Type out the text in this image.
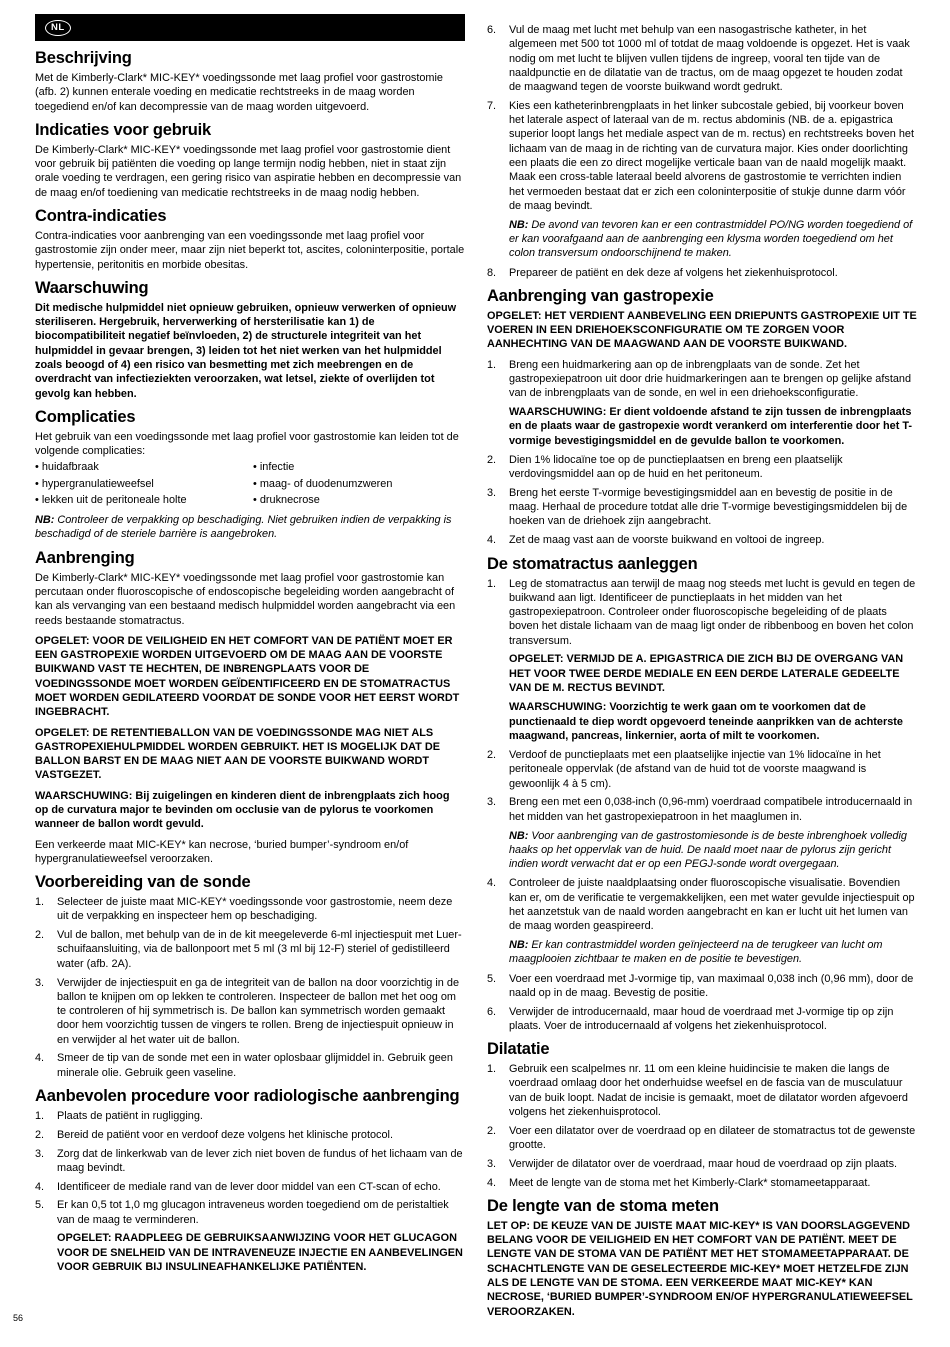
NL
Beschrijving

Met de Kimberly-Clark* MIC-KEY* voedingssonde met laag profiel voor gastrostomie (afb. 2) kunnen enterale voeding en medicatie rechtstreeks in de maag worden toegediend en/of kan decompressie van de maag worden uitgevoerd.

Indicaties voor gebruik

De Kimberly-Clark* MIC-KEY* voedingssonde met laag profiel voor gastrostomie dient voor gebruik bij patiënten die voeding op lange termijn nodig hebben, niet in staat zijn orale voeding te verdragen, een gering risico van aspiratie hebben en decompressie van de maag en/of toediening van medicatie rechtstreeks in de maag nodig hebben.

Contra-indicaties

Contra-indicaties voor aanbrenging van een voedingssonde met laag profiel voor gastrostomie zijn onder meer, maar zijn niet beperkt tot, ascites, coloninterpositie, portale hypertensie, peritonitis en morbide obesitas.

Waarschuwing

Dit medische hulpmiddel niet opnieuw gebruiken, opnieuw verwerken of opnieuw steriliseren. Hergebruik, herverwerking of hersterilisatie kan 1) de biocompatibiliteit negatief beïnvloeden, 2) de structurele integriteit van het hulpmiddel in gevaar brengen, 3) leiden tot het niet werken van het hulpmiddel zoals beoogd of 4) een risico van besmetting met zich meebrengen en de overdracht van infectieziekten veroorzaken, wat letsel, ziekte of overlijden tot gevolg kan hebben.

Complicaties

Het gebruik van een voedingssonde met laag profiel voor gastrostomie kan leiden tot de volgende complicaties:

• huidafbraak	• infectie
• hypergranulatieweefsel	• maag- of duodenumzweren
• lekken uit de peritoneale holte	• druknecrose

NB: Controleer de verpakking op beschadiging. Niet gebruiken indien de verpakking is beschadigd of de steriele barrière is aangebroken.

Aanbrenging

De Kimberly-Clark* MIC-KEY* voedingssonde met laag profiel voor gastrostomie kan percutaan onder fluoroscopische of endoscopische begeleiding worden aangebracht of kan als vervanging van een bestaand medisch hulpmiddel worden aangebracht via een reeds bestaande stomatractus.

OPGELET: VOOR DE VEILIGHEID EN HET COMFORT VAN DE PATIËNT MOET ER EEN GASTROPEXIE WORDEN UITGEVOERD OM DE MAAG AAN DE VOORSTE BUIKWAND VAST TE HECHTEN, DE INBRENGPLAATS VOOR DE VOEDINGSSONDE MOET WORDEN GEÏDENTIFICEERD EN DE STOMATRACTUS MOET WORDEN GEDILATEERD VOORDAT DE SONDE VOOR HET EERST WORDT INGEBRACHT.

OPGELET: DE RETENTIEBALLON VAN DE VOEDINGSSONDE MAG NIET ALS GASTROPEXIEHULPMIDDEL WORDEN GEBRUIKT. HET IS MOGELIJK DAT DE BALLON BARST EN DE MAAG NIET AAN DE VOORSTE BUIKWAND WORDT VASTGEZET.

WAARSCHUWING: Bij zuigelingen en kinderen dient de inbrengplaats zich hoog op de curvatura major te bevinden om occlusie van de pylorus te voorkomen wanneer de ballon wordt gevuld.

Een verkeerde maat MIC-KEY* kan necrose, ‘buried bumper’-syndroom en/of hypergranulatieweefsel veroorzaken.

Voorbereiding van de sonde
1.	Selecteer de juiste maat MIC-KEY* voedingssonde voor gastrostomie, neem deze uit de verpakking en inspecteer hem op beschadiging.
2.	Vul de ballon, met behulp van de in de kit meegeleverde 6-ml injectiespuit met Luer-schuifaansluiting, via de ballonpoort met 5 ml (3 ml bij 12-F) steriel of gedistilleerd water (afb. 2A).
3.	Verwijder de injectiespuit en ga de integriteit van de ballon na door voorzichtig in de ballon te knijpen om op lekken te controleren. Inspecteer de ballon met het oog om te controleren of hij symmetrisch is. De ballon kan symmetrisch worden gemaakt door hem voorzichtig tussen de vingers te rollen. Breng de injectiespuit opnieuw in en verwijder al het water uit de ballon.
4.	Smeer de tip van de sonde met een in water oplosbaar glijmiddel in. Gebruik geen minerale olie. Gebruik geen vaseline.
Aanbevolen procedure voor radiologische aanbrenging
1.	Plaats de patiënt in rugligging.
2.	Bereid de patiënt voor en verdoof deze volgens het klinische protocol.
3.	Zorg dat de linkerkwab van de lever zich niet boven de fundus of het lichaam van de maag bevindt.
4.	Identificeer de mediale rand van de lever door middel van een CT-scan of echo.
5.	Er kan 0,5 tot 1,0 mg glucagon intraveneus worden toegediend om de peristaltiek van de maag te verminderen.
OPGELET: RAADPLEEG DE GEBRUIKSAANWIJZING VOOR HET GLUCAGON VOOR DE SNELHEID VAN DE INTRAVENEUZE INJECTIE EN AANBEVELINGEN VOOR GEBRUIK BIJ INSULINEAFHANKELIJKE PATIËNTEN.
6.	Vul de maag met lucht met behulp van een nasogastrische katheter, in het algemeen met 500 tot 1000 ml of totdat de maag voldoende is opgezet. Het is vaak nodig om met lucht te blijven vullen tijdens de ingreep, vooral ten tijde van de naaldpunctie en de dilatatie van de tractus, om de maag opgezet te houden zodat de maagwand tegen de voorste buikwand wordt gedrukt.
7.	Kies een katheterinbrengplaats in het linker subcostale gebied, bij voorkeur boven het laterale aspect of lateraal van de m. rectus abdominis (NB. de a. epigastrica superior loopt langs het mediale aspect van de m. rectus) en rechtstreeks boven het lichaam van de maag in de richting van de curvatura major. Kies onder doorlichting een plaats die een zo direct mogelijke verticale baan van de naald mogelijk maakt. Maak een cross-table lateraal beeld alvorens de gastrostomie te verrichten indien het vermoeden bestaat dat er zich een coloninterpositie of stukje dunne darm vóór de maag bevindt.
NB: De avond van tevoren kan er een contrastmiddel PO/NG worden toegediend of er kan voorafgaand aan de aanbrenging een klysma worden toegediend om het colon transversum ondoorschijnend te maken.
8.	Prepareer de patiënt en dek deze af volgens het ziekenhuisprotocol.
Aanbrenging van gastropexie

OPGELET: HET VERDIENT AANBEVELING EEN DRIEPUNTS GASTROPEXIE UIT TE VOEREN IN EEN DRIEHOEKSCONFIGURATIE OM TE ZORGEN VOOR AANHECHTING VAN DE MAAGWAND AAN DE VOORSTE BUIKWAND.

1.	Breng een huidmarkering aan op de inbrengplaats van de sonde. Zet het gastropexiepatroon uit door drie huidmarkeringen aan te brengen op gelijke afstand van de inbrengplaats van de sonde, en wel in een driehoeksconfiguratie.
WAARSCHUWING: Er dient voldoende afstand te zijn tussen de inbrengplaats en de plaats waar de gastropexie wordt verankerd om interferentie door het T-vormige bevestigingsmiddel en de gevulde ballon te voorkomen.
2.	Dien 1% lidocaïne toe op de punctieplaatsen en breng een plaatselijk verdovingsmiddel aan op de huid en het peritoneum.
3.	Breng het eerste T-vormige bevestigingsmiddel aan en bevestig de positie in de maag. Herhaal de procedure totdat alle drie T-vormige bevestigingsmiddelen bij de hoeken van de driehoek zijn aangebracht.
4.	Zet de maag vast aan de voorste buikwand en voltooi de ingreep.
De stomatractus aanleggen
1.	Leg de stomatractus aan terwijl de maag nog steeds met lucht is gevuld en tegen de buikwand aan ligt. Identificeer de punctieplaats in het midden van het gastropexiepatroon. Controleer onder fluoroscopische begeleiding of de plaats boven het distale lichaam van de maag ligt onder de ribbenboog en boven het colon transversum.
OPGELET: VERMIJD DE A. EPIGASTRICA DIE ZICH BIJ DE OVERGANG VAN HET VOOR TWEE DERDE MEDIALE EN EEN DERDE LATERALE GEDEELTE VAN DE M. RECTUS BEVINDT.
WAARSCHUWING: Voorzichtig te werk gaan om te voorkomen dat de punctienaald te diep wordt opgevoerd teneinde aanprikken van de achterste maagwand, pancreas, linkernier, aorta of milt te voorkomen.
2.	Verdoof de punctieplaats met een plaatselijke injectie van 1% lidocaïne in het peritoneale oppervlak (de afstand van de huid tot de voorste maagwand is gewoonlijk 4 à 5 cm).
3.	Breng een met een 0,038-inch (0,96-mm) voerdraad compatibele introducernaald in het midden van het gastropexiepatroon in het maaglumen in.
NB: Voor aanbrenging van de gastrostomiesonde is de beste inbrenghoek volledig haaks op het oppervlak van de huid. De naald moet naar de pylorus zijn gericht indien wordt verwacht dat er op een PEGJ-sonde wordt overgegaan.
4.	Controleer de juiste naaldplaatsing onder fluoroscopische visualisatie. Bovendien kan er, om de verificatie te vergemakkelijken, een met water gevulde injectiespuit op het aanzetstuk van de naald worden aangebracht en kan er lucht uit het lumen van de maag worden geaspireerd.
NB: Er kan contrastmiddel worden geïnjecteerd na de terugkeer van lucht om maagplooien zichtbaar te maken en de positie te bevestigen.
5.	Voer een voerdraad met J-vormige tip, van maximaal 0,038 inch (0,96 mm), door de naald op in de maag. Bevestig de positie.
6.	Verwijder de introducernaald, maar houd de voerdraad met J-vormige tip op zijn plaats. Voer de introducernaald af volgens het ziekenhuisprotocol.
Dilatatie
1.	Gebruik een scalpelmes nr. 11 om een kleine huidincisie te maken die langs de voerdraad omlaag door het onderhuidse weefsel en de fascia van de musculatuur van de buik loopt. Nadat de incisie is gemaakt, moet de dilatator worden afgevoerd volgens het ziekenhuisprotocol.
2.	Voer een dilatator over de voerdraad op en dilateer de stomatractus tot de gewenste grootte.
3.	Verwijder de dilatator over de voerdraad, maar houd de voerdraad op zijn plaats.
4.	Meet de lengte van de stoma met het Kimberly-Clark* stomameetapparaat.
De lengte van de stoma meten

LET OP: DE KEUZE VAN DE JUISTE MAAT MIC-KEY* IS VAN DOORSLAGGEVEND BELANG VOOR DE VEILIGHEID EN HET COMFORT VAN DE PATIËNT. MEET DE LENGTE VAN DE STOMA VAN DE PATIËNT MET HET STOMAMEETAPPARAAT. DE SCHACHTLENGTE VAN DE GESELECTEERDE MIC-KEY* MOET HETZELFDE ZIJN ALS DE LENGTE VAN DE STOMA. EEN VERKEERDE MAAT MIC-KEY* KAN NECROSE, ‘BURIED BUMPER’-SYNDROOM EN/OF HYPERGRANULATIEWEEFSEL VEROORZAKEN.

56
